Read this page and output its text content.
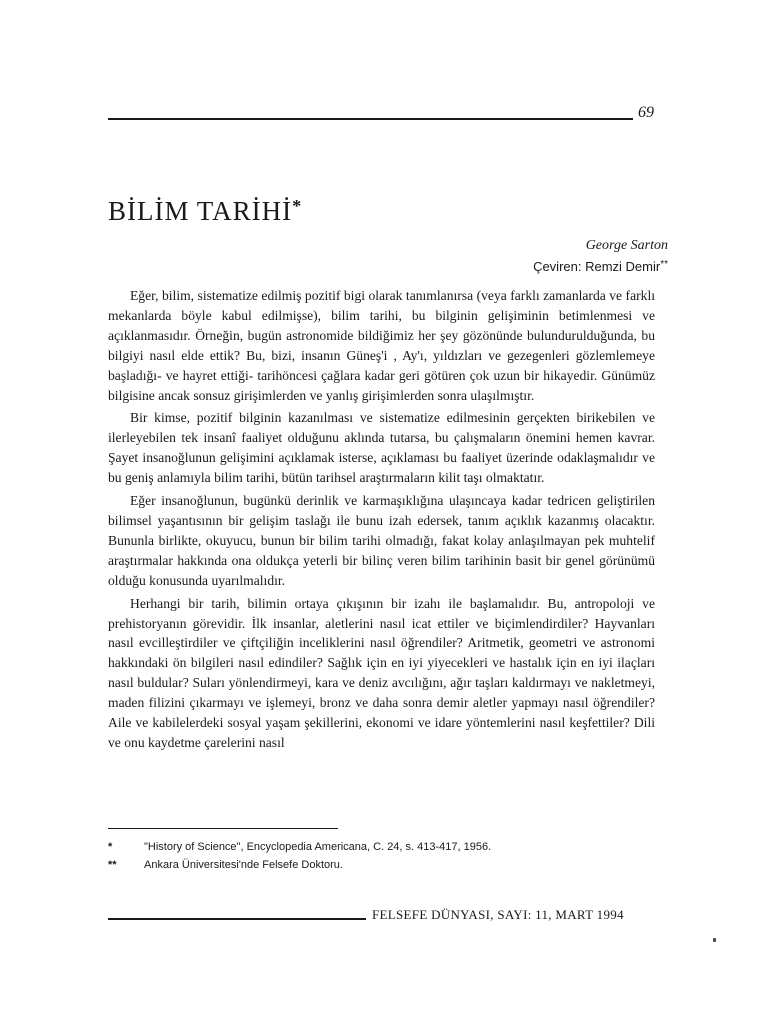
69
BİLİM TARİHİ*
George Sarton
Çeviren: Remzi Demir**

Eğer, bilim, sistematize edilmiş pozitif bigi olarak tanımlanırsa (veya farklı zamanlarda ve farklı mekanlarda böyle kabul edilmişse), bilim tarihi, bu bilginin gelişiminin betimlenmesi ve açıklanmasıdır. Örneğin, bugün astronomide bildiğimiz her şey gözönünde bulundurulduğunda, bu bilgiyi nasıl elde ettik? Bu, bizi, insanın Güneş'i , Ay'ı, yıldızları ve gezegenleri gözlemlemeye başladığı- ve hayret ettiği- tarihöncesi çağlara kadar geri götüren çok uzun bir hikayedir. Günümüz bilgisine ancak sonsuz girişimlerden ve yanlış girişimlerden sonra ulaşılmıştır.

Bir kimse, pozitif bilginin kazanılması ve sistematize edilmesinin gerçekten birikebilen ve ilerleyebilen tek insanî faaliyet olduğunu aklında tutarsa, bu çalışmaların önemini hemen kavrar. Şayet insanoğlunun gelişimini açıklamak isterse, açıklaması bu faaliyet üzerinde odaklaşmalıdır ve bu geniş anlamıyla bilim tarihi, bütün tarihsel araştırmaların kilit taşı olmaktatır.

Eğer insanoğlunun, bugünkü derinlik ve karmaşıklığına ulaşıncaya kadar tedricen geliştirilen bilimsel yaşantısının bir gelişim taslağı ile bunu izah edersek, tanım açıklık kazanmış olacaktır. Bununla birlikte, okuyucu, bunun bir bilim tarihi olmadığı, fakat kolay anlaşılmayan pek muhtelif araştırmalar hakkında ona oldukça yeterli bir bilinç veren bilim tarihinin basit bir genel görünümü olduğu konusunda uyarılmalıdır.

Herhangi bir tarih, bilimin ortaya çıkışının bir izahı ile başlamalıdır. Bu, antropoloji ve prehistoryanın görevidir. İlk insanlar, aletlerini nasıl icat ettiler ve biçimlendirdiler? Hayvanları nasıl evcilleştirdiler ve çiftçiliğin inceliklerini nasıl öğrendiler? Aritmetik, geometri ve astronomi hakkındaki ön bilgileri nasıl edindiler? Sağlık için en iyi yiyecekleri ve hastalık için en iyi ilaçları nasıl buldular? Suları yönlendirmeyi, kara ve deniz avcılığını, ağır taşları kaldırmayı ve nakletmeyi, maden filizini çıkarmayı ve işlemeyi, bronz ve daha sonra demir aletler yapmayı nasıl öğrendiler? Aile ve kabilelerdeki sosyal yaşam şekillerini, ekonomi ve idare yöntemlerini nasıl keşfettiler? Dili ve onu kaydetme çarelerini nasıl

*	"History of Science", Encyclopedia Americana, C. 24, s. 413-417, 1956.
**	Ankara Üniversitesi'nde Felsefe Doktoru.
FELSEFE DÜNYASI, SAYI: 11, MART 1994
